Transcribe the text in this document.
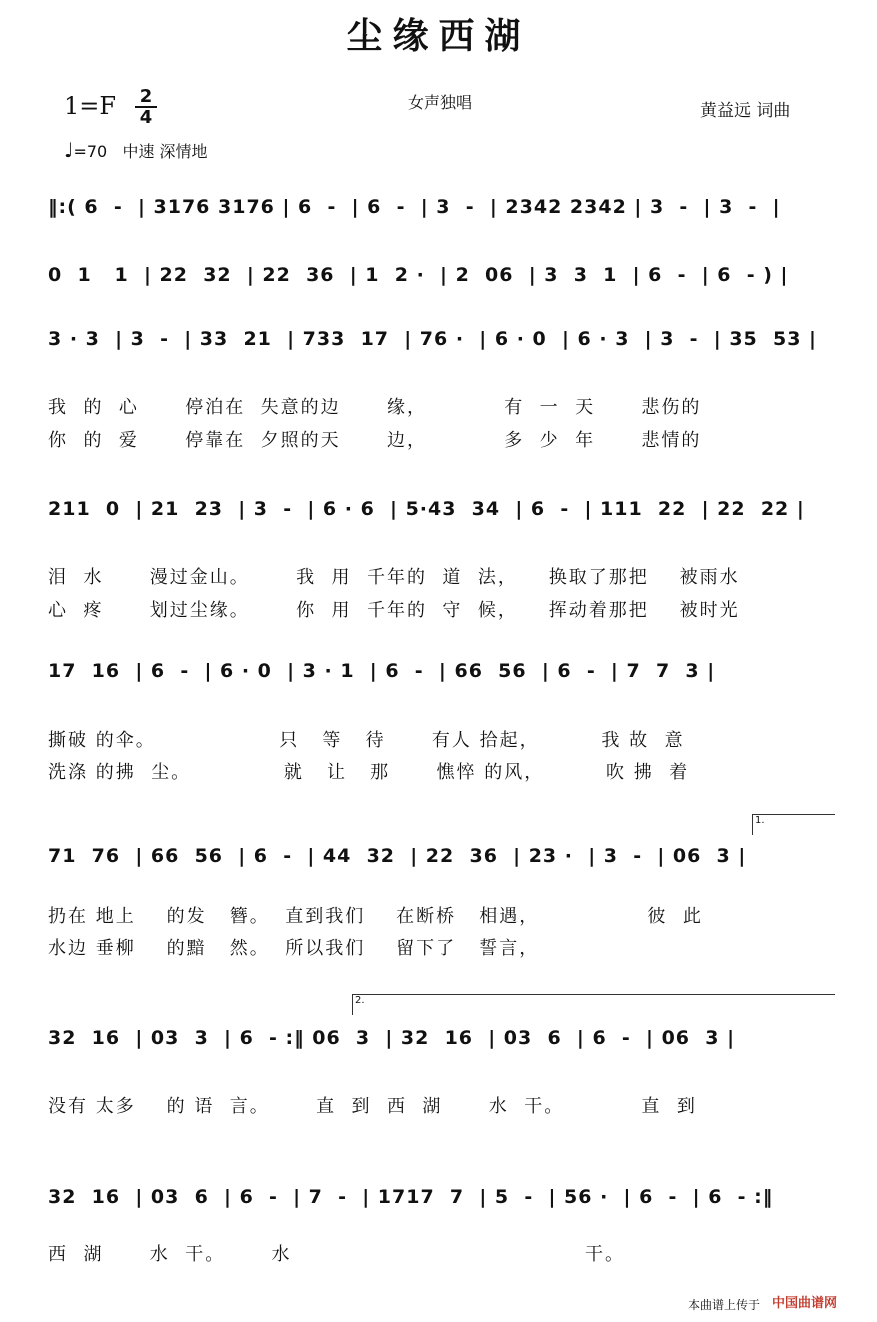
尘缘西湖
1=F 2
4
女声独唱	黄益远 词曲
♩=70 中速 深情地
‖:( 6  -  | 3176 3176 | 6  -  | 6  -  | 3  -  | 2342 2342 | 3  -  | 3  -  |
0  1   1  | 22  32  | 22  36  | 1  2 ·  | 2  06  | 3  3  1  | 6  -  | 6  - ) |
3 · 3  | 3  -  | 33  21  | 733  17  | 76 ·  | 6 · 0  | 6 · 3  | 3  -  | 35  53 |
我  的  心      停泊在  失意的边      缘，          有  一  天      悲伤的
你  的  爱      停靠在  夕照的天      边，          多  少  年      悲情的
211  0  | 21  23  | 3  -  | 6 · 6  | 5·43  34  | 6  -  | 111  22  | 22  22 |
泪  水      漫过金山。      我  用  千年的  道  法，    换取了那把    被雨水
心  疼      划过尘缘。      你  用  千年的  守  候，    挥动着那把    被时光
17  16  | 6  -  | 6 · 0  | 3 · 1  | 6  -  | 66  56  | 6  -  | 7  7  3 |
撕破 的伞。                只   等   待      有人 拾起，        我 故  意
洗涤 的拂  尘。            就   让   那      憔悴 的风，        吹 拂  着
1.
71  76  | 66  56  | 6  -  | 44  32  | 22  36  | 23 ·  | 3  -  | 06  3 |
扔在 地上    的发   簪。  直到我们    在断桥   相遇，              彼  此
水边 垂柳    的黯   然。  所以我们    留下了   誓言，
2.
32  16  | 03  3  | 6  - :‖ 06  3  | 32  16  | 03  6  | 6  -  | 06  3 |
没有 太多    的 语  言。      直  到  西  湖      水  干。          直  到
32  16  | 03  6  | 6  -  | 7  -  | 1717  7  | 5  -  | 56 ·  | 6  -  | 6  - :‖
西  湖      水  干。      水                                      干。
本曲谱上传于 中国曲谱网
